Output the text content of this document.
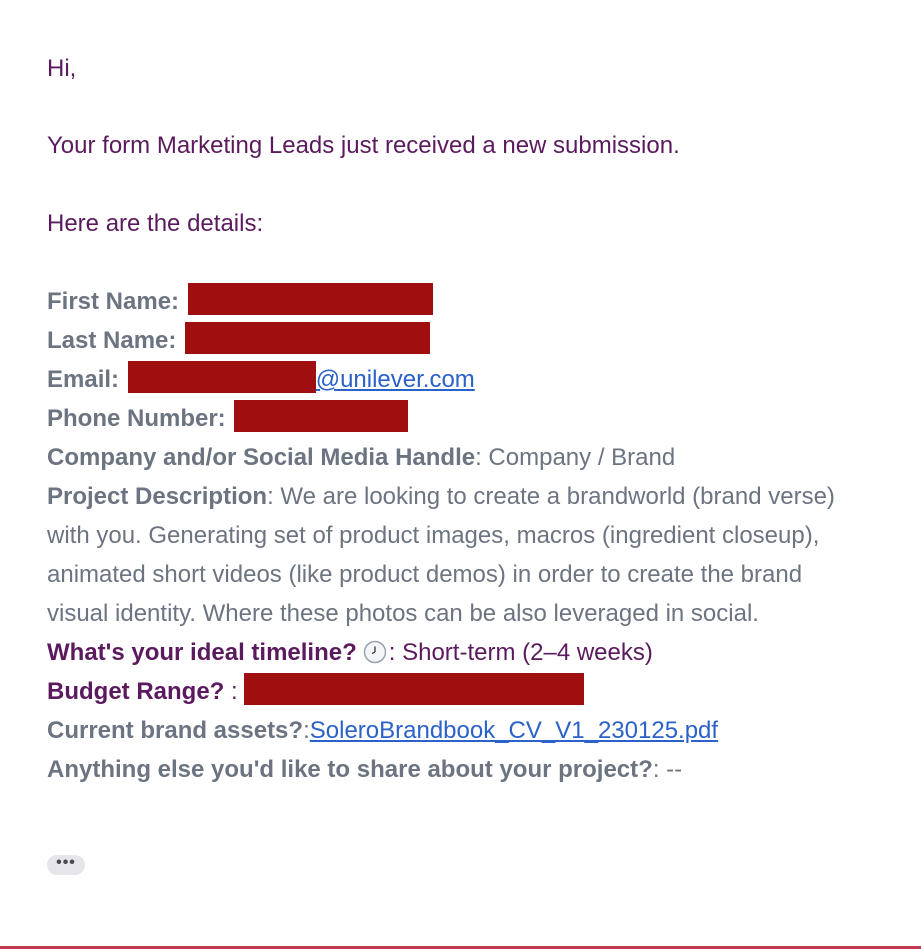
Hi,
Your form Marketing Leads just received a new submission.
Here are the details:

First Name:

Last Name:

Email:	@unilever.com

Phone Number:

Company and/or Social Media Handle: Company / Brand

Project Description: We are looking to create a brandworld (brand verse) with you. Generating set of product images, macros (ingredient closeup), animated short videos (like product demos) in order to create the brand visual identity. Where these photos can be also leveraged in social.

What's your ideal timeline? : Short-term (2–4 weeks)

Budget Range? :

Current brand assets?:SoleroBrandbook_CV_V1_230125.pdf

Anything else you'd like to share about your project?: --

•••
